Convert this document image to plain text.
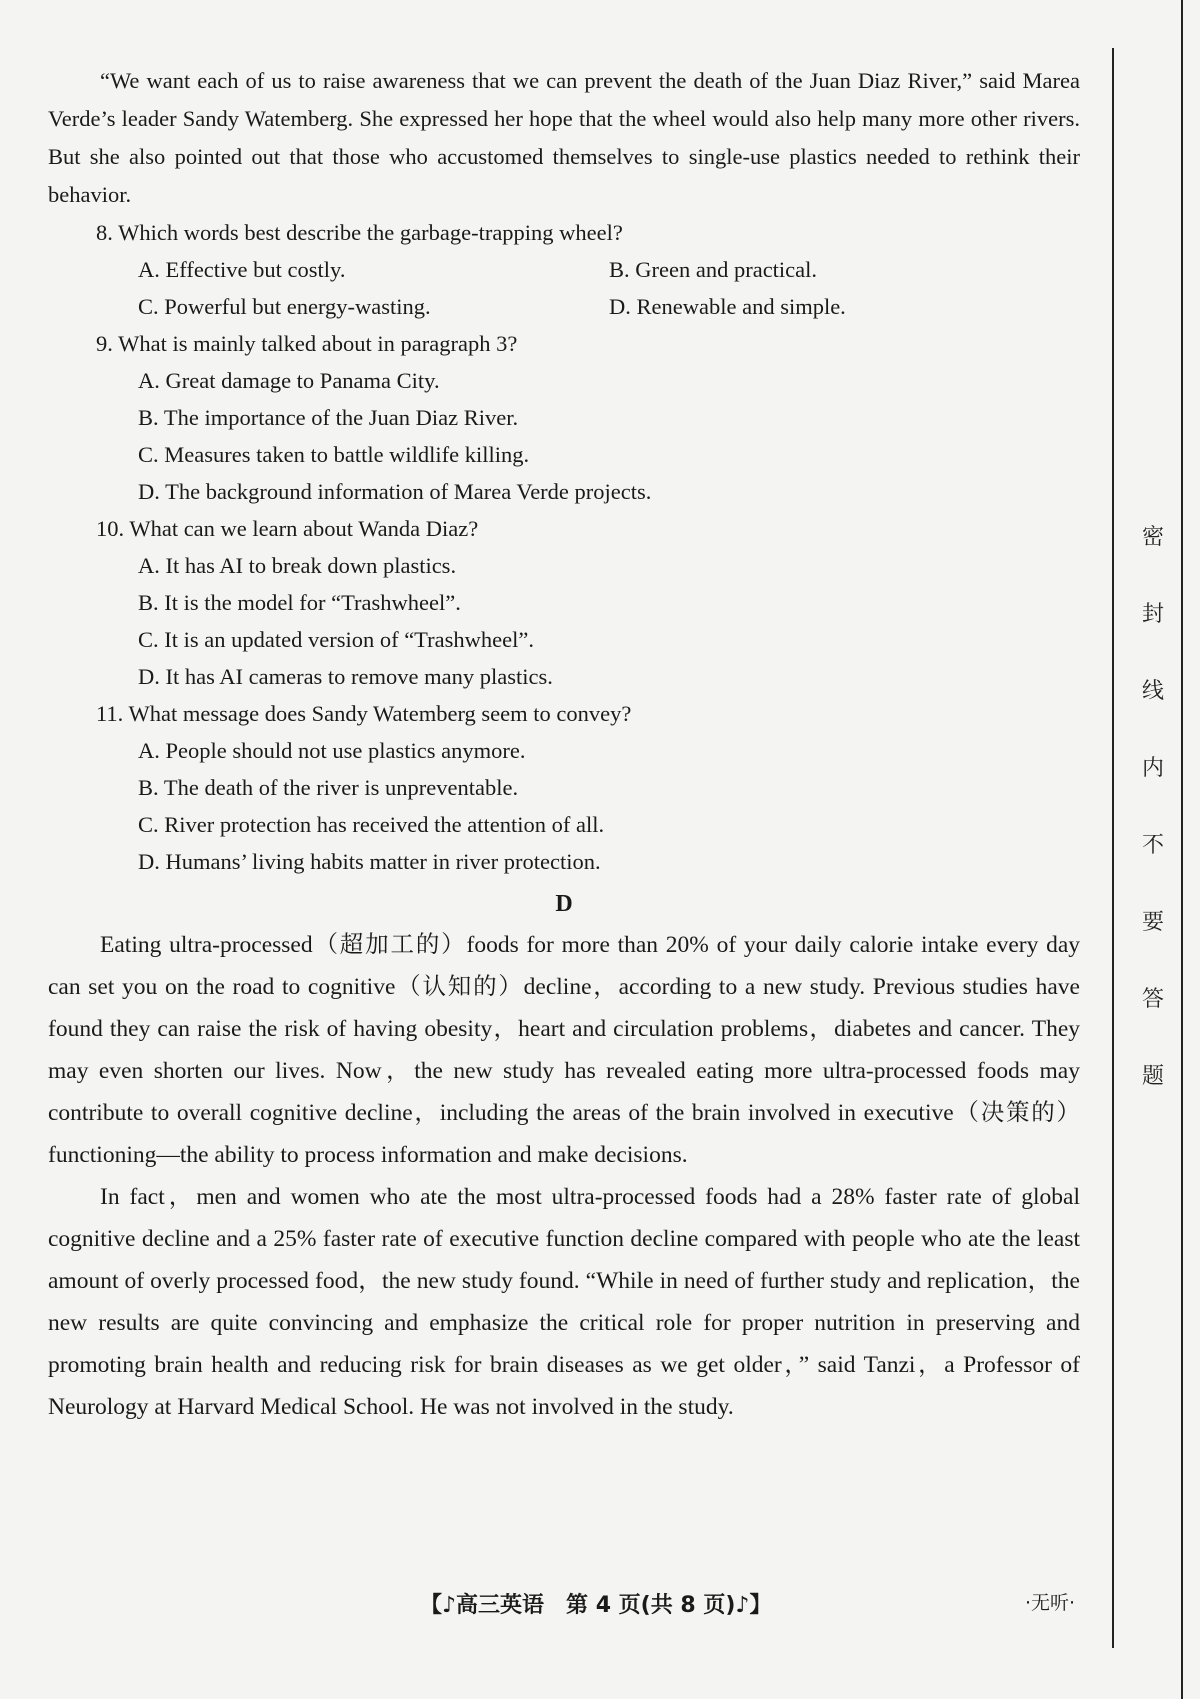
“We want each of us to raise awareness that we can prevent the death of the Juan Diaz River,” said Marea Verde’s leader Sandy Watemberg. She expressed her hope that the wheel would also help many more other rivers. But she also pointed out that those who accustomed themselves to single-use plastics needed to rethink their behavior.

8. Which words best describe the garbage-trapping wheel?

A. Effective but costly.	B. Green and practical.

C. Powerful but energy-wasting.	D. Renewable and simple.

9. What is mainly talked about in paragraph 3?

A. Great damage to Panama City.

B. The importance of the Juan Diaz River.

C. Measures taken to battle wildlife killing.

D. The background information of Marea Verde projects.

10. What can we learn about Wanda Diaz?

A. It has AI to break down plastics.

B. It is the model for “Trashwheel”.

C. It is an updated version of “Trashwheel”.

D. It has AI cameras to remove many plastics.

11. What message does Sandy Watemberg seem to convey?

A. People should not use plastics anymore.

B. The death of the river is unpreventable.

C. River protection has received the attention of all.

D. Humans’ living habits matter in river protection.

D

Eating ultra-processed（超加工的）foods for more than 20% of your daily calorie intake every day can set you on the road to cognitive（认知的）decline，according to a new study. Previous studies have found they can raise the risk of having obesity，heart and circulation problems，diabetes and cancer. They may even shorten our lives. Now，the new study has revealed eating more ultra-processed foods may contribute to overall cognitive decline，including the areas of the brain involved in executive（决策的）functioning—the ability to process information and make decisions.

In fact，men and women who ate the most ultra-processed foods had a 28% faster rate of global cognitive decline and a 25% faster rate of executive function decline compared with people who ate the least amount of overly processed food，the new study found. “While in need of further study and replication，the new results are quite convincing and emphasize the critical role for proper nutrition in preserving and promoting brain health and reducing risk for brain diseases as we get older，” said Tanzi，a Professor of Neurology at Harvard Medical School. He was not involved in the study.

【♪高三英语　第 4 页(共 8 页)♪】	·无听·
密
封
线
内
不
要
答
题
